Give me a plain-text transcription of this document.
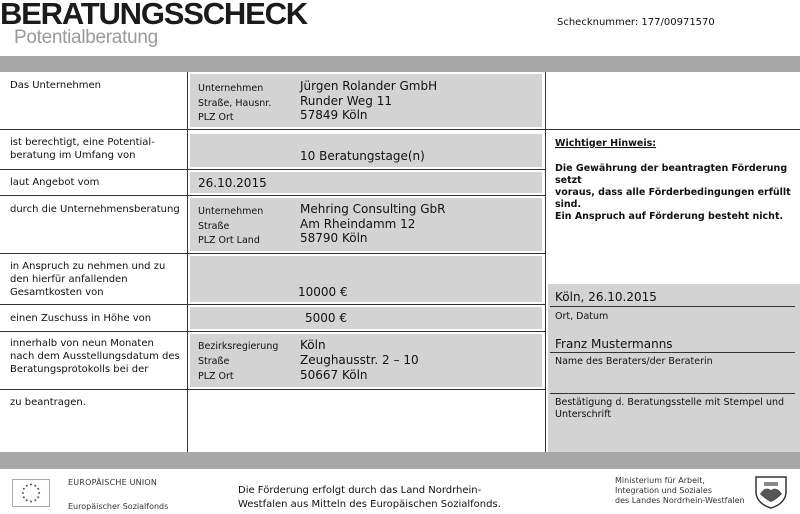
BERATUNGSSCHECK
Potentialberatung
Schecknummer: 177/00971570
Das Unternehmen
ist berechtigt, eine Potential-
beratung im Umfang von
laut Angebot vom
durch die Unternehmensberatung
in Anspruch zu nehmen und zu
den hierfür anfallenden
Gesamtkosten von
einen Zuschuss in Höhe von
innerhalb von neun Monaten
nach dem Ausstellungsdatum des
Beratungsprotokolls bei der
zu beantragen.
Unternehmen	Jürgen Rolander GmbH
Straße, Hausnr. Runder Weg 11
PLZ Ort	57849 Köln
10 Beratungstage(n)
26.10.2015
Unternehmen	Mehring Consulting GbR
Straße	Am Rheindamm 12
PLZ Ort Land	58790 Köln
10000 €
5000 €
Bezirksregierung Köln
Straße	Zeughausstr. 2 – 10
PLZ Ort	50667 Köln
Wichtiger Hinweis:
Die Gewährung der beantragten Förderung setzt
voraus, dass alle Förderbedingungen erfüllt sind.
Ein Anspruch auf Förderung besteht nicht.
Köln, 26.10.2015
Ort, Datum
Franz Mustermanns
Name des Beraters/der Beraterin
Bestätigung d. Beratungsstelle mit Stempel und
Unterschrift
EUROPÄISCHE UNION
Europäischer Sozialfonds
Die Förderung erfolgt durch das Land Nordrhein-
Westfalen aus Mitteln des Europäischen Sozialfonds.
Ministerium für Arbeit,
Integration und Soziales
des Landes Nordrhein-Westfalen
